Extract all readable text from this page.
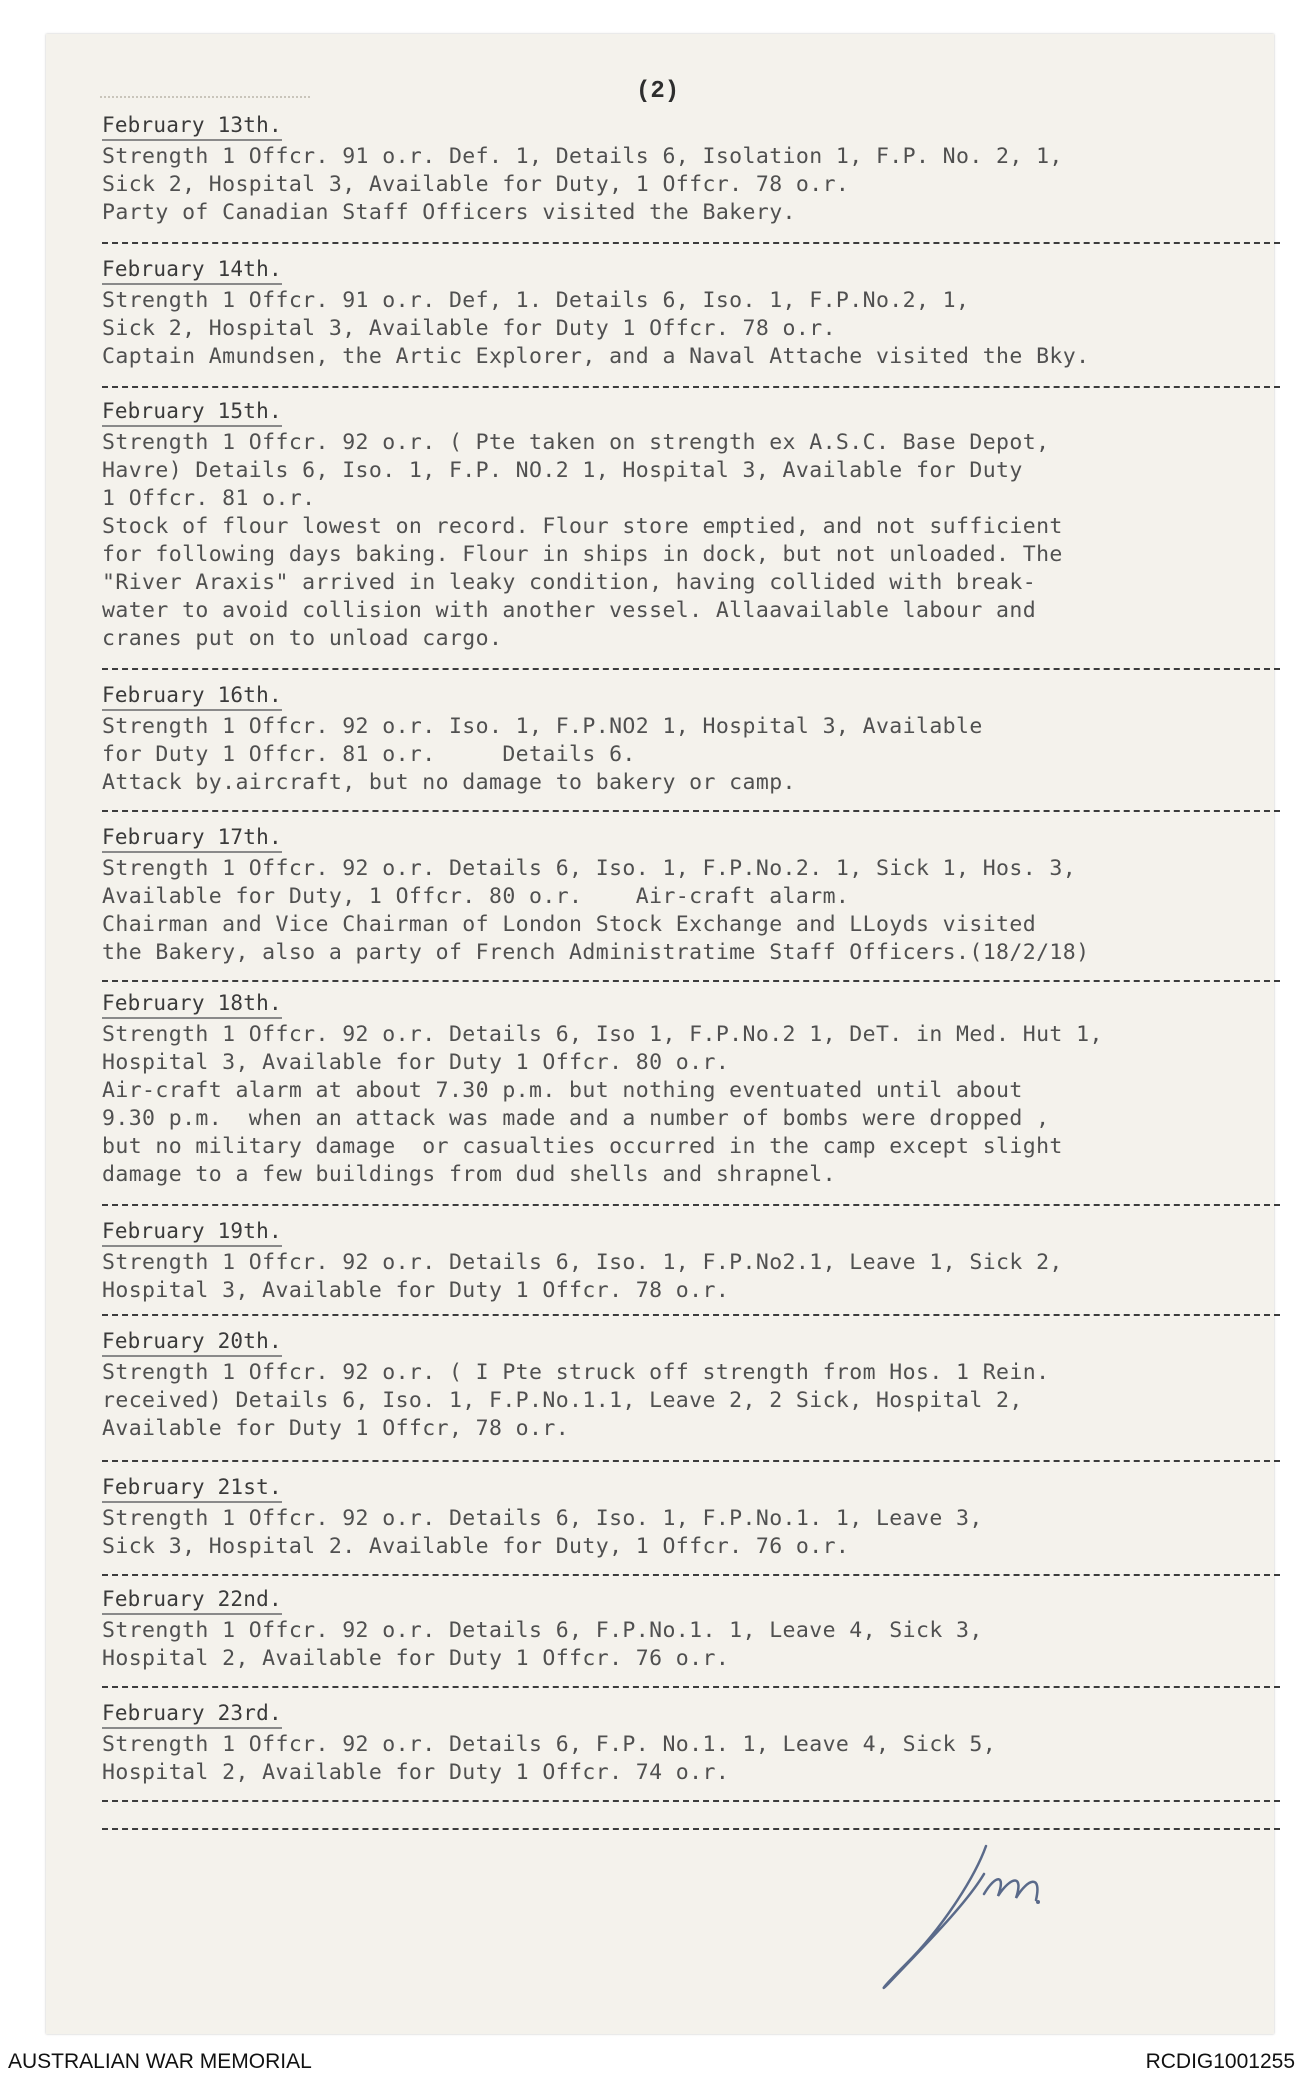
(2)
February 13th.
Strength 1 Offcr. 91 o.r. Def. 1, Details 6, Isolation 1, F.P. No. 2, 1,
Sick 2, Hospital 3, Available for Duty, 1 Offcr. 78 o.r.
Party of Canadian Staff Officers visited the Bakery.
February 14th.
Strength 1 Offcr. 91 o.r. Def, 1. Details 6, Iso. 1, F.P.No.2, 1,
Sick 2, Hospital 3, Available for Duty 1 Offcr. 78 o.r.
Captain Amundsen, the Artic Explorer, and a Naval Attache visited the Bky.
February 15th.
Strength 1 Offcr. 92 o.r. ( Pte taken on strength ex A.S.C. Base Depot,
Havre) Details 6, Iso. 1, F.P. NO.2 1, Hospital 3, Available for Duty
1 Offcr. 81 o.r.
Stock of flour lowest on record. Flour store emptied, and not sufficient
for following days baking. Flour in ships in dock, but not unloaded. The
"River Araxis" arrived in leaky condition, having collided with break-
water to avoid collision with another vessel. Allaavailable labour and
cranes put on to unload cargo.
February 16th.
Strength 1 Offcr. 92 o.r. Iso. 1, F.P.NO2 1, Hospital 3, Available
for Duty 1 Offcr. 81 o.r.     Details 6.
Attack by.aircraft, but no damage to bakery or camp.
February 17th.
Strength 1 Offcr. 92 o.r. Details 6, Iso. 1, F.P.No.2. 1, Sick 1, Hos. 3,
Available for Duty, 1 Offcr. 80 o.r.    Air-craft alarm.
Chairman and Vice Chairman of London Stock Exchange and LLoyds visited
the Bakery, also a party of French Administratime Staff Officers.(18/2/18)
February 18th.
Strength 1 Offcr. 92 o.r. Details 6, Iso 1, F.P.No.2 1, DeT. in Med. Hut 1,
Hospital 3, Available for Duty 1 Offcr. 80 o.r.
Air-craft alarm at about 7.30 p.m. but nothing eventuated until about
9.30 p.m.  when an attack was made and a number of bombs were dropped ,
but no military damage  or casualties occurred in the camp except slight
damage to a few buildings from dud shells and shrapnel.
February 19th.
Strength 1 Offcr. 92 o.r. Details 6, Iso. 1, F.P.No2.1, Leave 1, Sick 2,
Hospital 3, Available for Duty 1 Offcr. 78 o.r.
February 20th.
Strength 1 Offcr. 92 o.r. ( I Pte struck off strength from Hos. 1 Rein.
received) Details 6, Iso. 1, F.P.No.1.1, Leave 2, 2 Sick, Hospital 2,
Available for Duty 1 Offcr, 78 o.r.
February 21st.
Strength 1 Offcr. 92 o.r. Details 6, Iso. 1, F.P.No.1. 1, Leave 3,
Sick 3, Hospital 2. Available for Duty, 1 Offcr. 76 o.r.
February 22nd.
Strength 1 Offcr. 92 o.r. Details 6, F.P.No.1. 1, Leave 4, Sick 3,
Hospital 2, Available for Duty 1 Offcr. 76 o.r.
February 23rd.
Strength 1 Offcr. 92 o.r. Details 6, F.P. No.1. 1, Leave 4, Sick 5,
Hospital 2, Available for Duty 1 Offcr. 74 o.r.
AUSTRALIAN WAR MEMORIAL	RCDIG1001255
